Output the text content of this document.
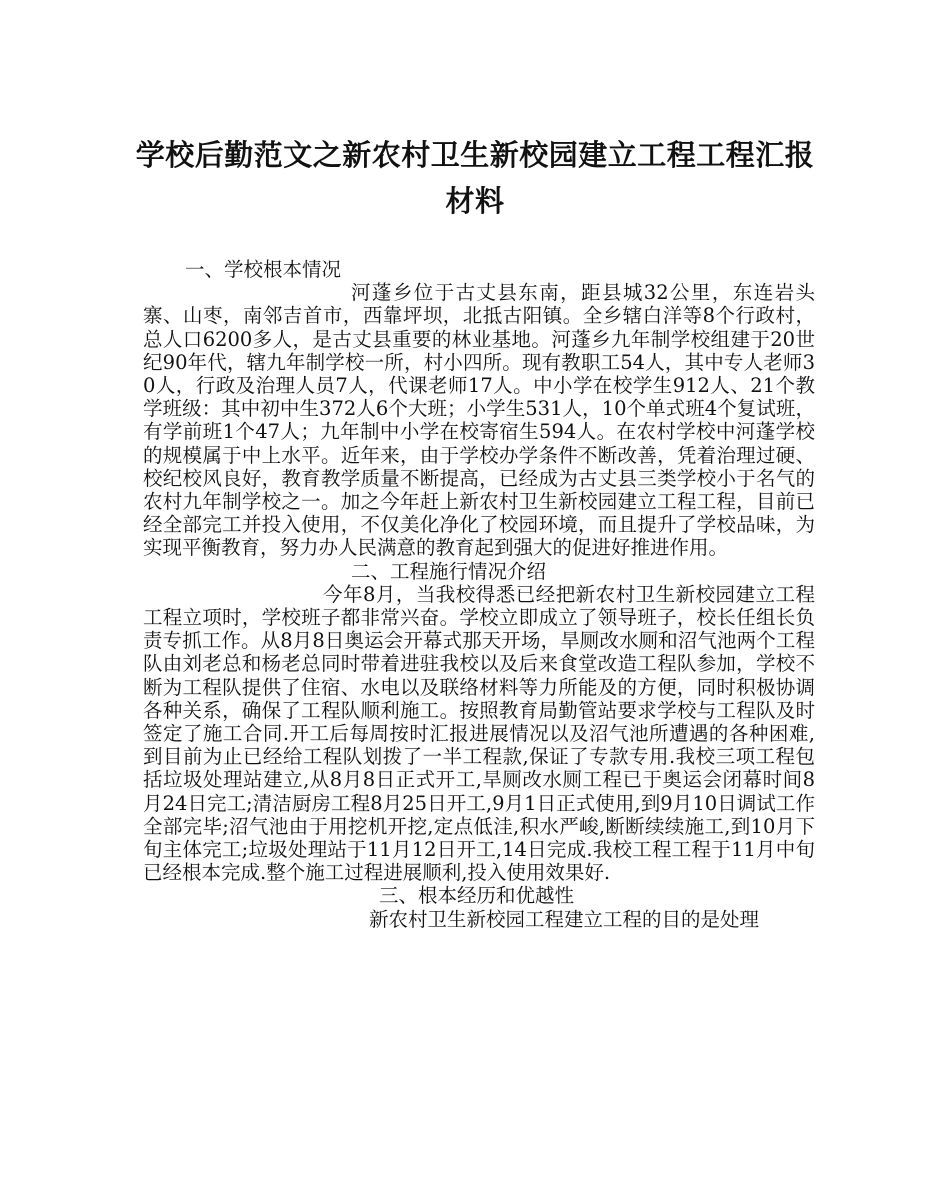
学校后勤范文之新农村卫生新校园建立工程工程汇报材料

一、学校根本情况

河蓬乡位于古丈县东南，距县城32公里，东连岩头寨、山枣，南邻吉首市，西靠坪坝，北抵古阳镇。全乡辖白洋等8个行政村，总人口6200多人，是古丈县重要的林业基地。河蓬乡九年制学校组建于20世纪90年代，辖九年制学校一所，村小四所。现有教职工54人，其中专人老师30人，行政及治理人员7人，代课老师17人。中小学在校学生912人、21个教学班级：其中初中生372人6个大班；小学生531人，10个单式班4个复试班，有学前班1个47人；九年制中小学在校寄宿生594人。在农村学校中河蓬学校的规模属于中上水平。近年来，由于学校办学条件不断改善，凭着治理过硬、校纪校风良好，教育教学质量不断提高，已经成为古丈县三类学校小于名气的农村九年制学校之一。加之今年赶上新农村卫生新校园建立工程工程，目前已经全部完工并投入使用，不仅美化净化了校园环境，而且提升了学校品味，为实现平衡教育，努力办人民满意的教育起到强大的促进好推进作用。

二、工程施行情况介绍

今年8月，当我校得悉已经把新农村卫生新校园建立工程工程立项时，学校班子都非常兴奋。学校立即成立了领导班子，校长任组长负责专抓工作。从8月8日奥运会开幕式那天开场，旱厕改水厕和沼气池两个工程队由刘老总和杨老总同时带着进驻我校以及后来食堂改造工程队参加，学校不断为工程队提供了住宿、水电以及联络材料等力所能及的方便，同时积极协调各种关系，确保了工程队顺利施工。按照教育局勤管站要求学校与工程队及时签定了施工合同.开工后每周按时汇报进展情况以及沼气池所遭遇的各种困难,到目前为止已经给工程队划拨了一半工程款,保证了专款专用.我校三项工程包括垃圾处理站建立,从8月8日正式开工,旱厕改水厕工程已于奥运会闭幕时间8月24日完工;清洁厨房工程8月25日开工,9月1日正式使用,到9月10日调试工作全部完毕;沼气池由于用挖机开挖,定点低洼,积水严峻,断断续续施工,到10月下旬主体完工;垃圾处理站于11月12日开工,14日完成.我校工程工程于11月中旬已经根本完成.整个施工过程进展顺利,投入使用效果好.

三、根本经历和优越性

新农村卫生新校园工程建立工程的目的是处理
